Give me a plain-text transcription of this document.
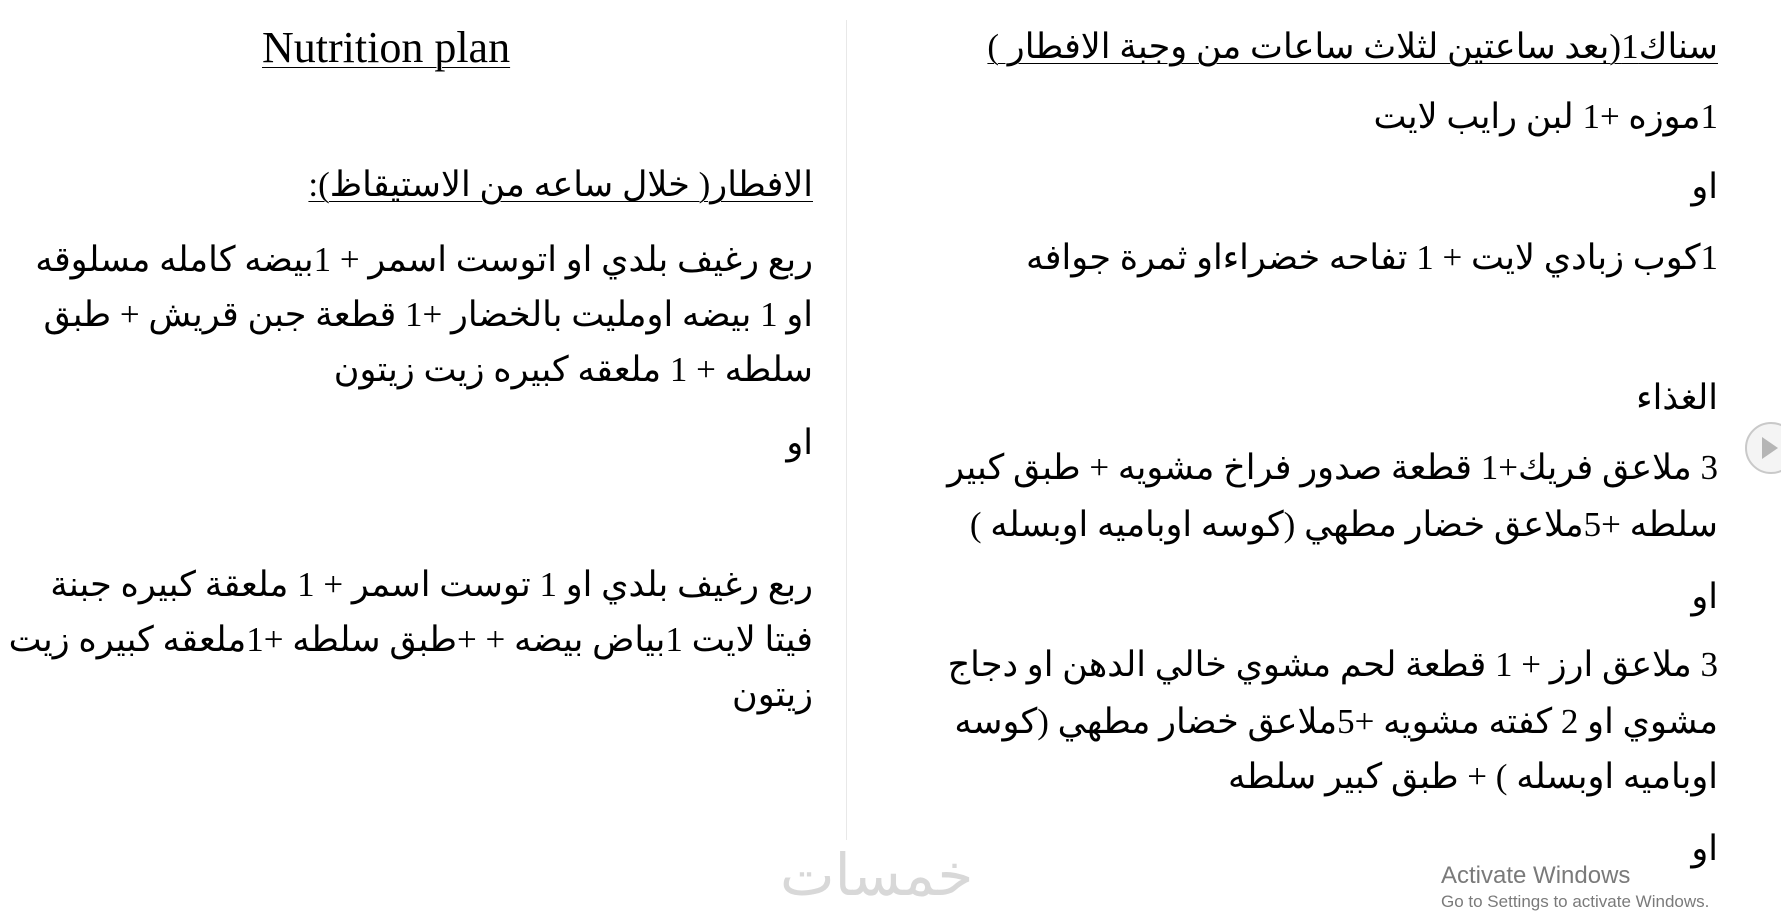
Nutrition plan
الافطار( خلال ساعه من الاستيقاظ):
ربع رغيف بلدي او اتوست اسمر + 1بيضه كامله مسلوقه
او 1 بيضه اومليت بالخضار +1 قطعة جبن قريش + طبق
سلطه + 1 ملعقه كبيره زيت زيتون
او
ربع رغيف بلدي او 1 توست اسمر + 1 ملعقة كبيره جبنة
فيتا لايت 1بياض بيضه + +طبق سلطه +1ملعقه كبيره زيت
زيتون
سناك1(بعد ساعتين لثلاث ساعات من وجبة الافطار )
1موزه +1 لبن رايب لايت
او
1كوب زبادي لايت + 1 تفاحه خضراءاو ثمرة جوافه
الغذاء
3 ملاعق فريك+1 قطعة صدور فراخ مشويه + طبق كبير
سلطه +5ملاعق خضار مطهي (كوسه اوباميه اوبسله )
او
3 ملاعق ارز + 1 قطعة لحم مشوي خالي الدهن او دجاج
مشوي او 2 كفته مشويه +5ملاعق خضار مطهي (كوسه
اوباميه اوبسله ) + طبق كبير سلطه
او
خمسات	Activate Windows
Go to Settings to activate Windows.
